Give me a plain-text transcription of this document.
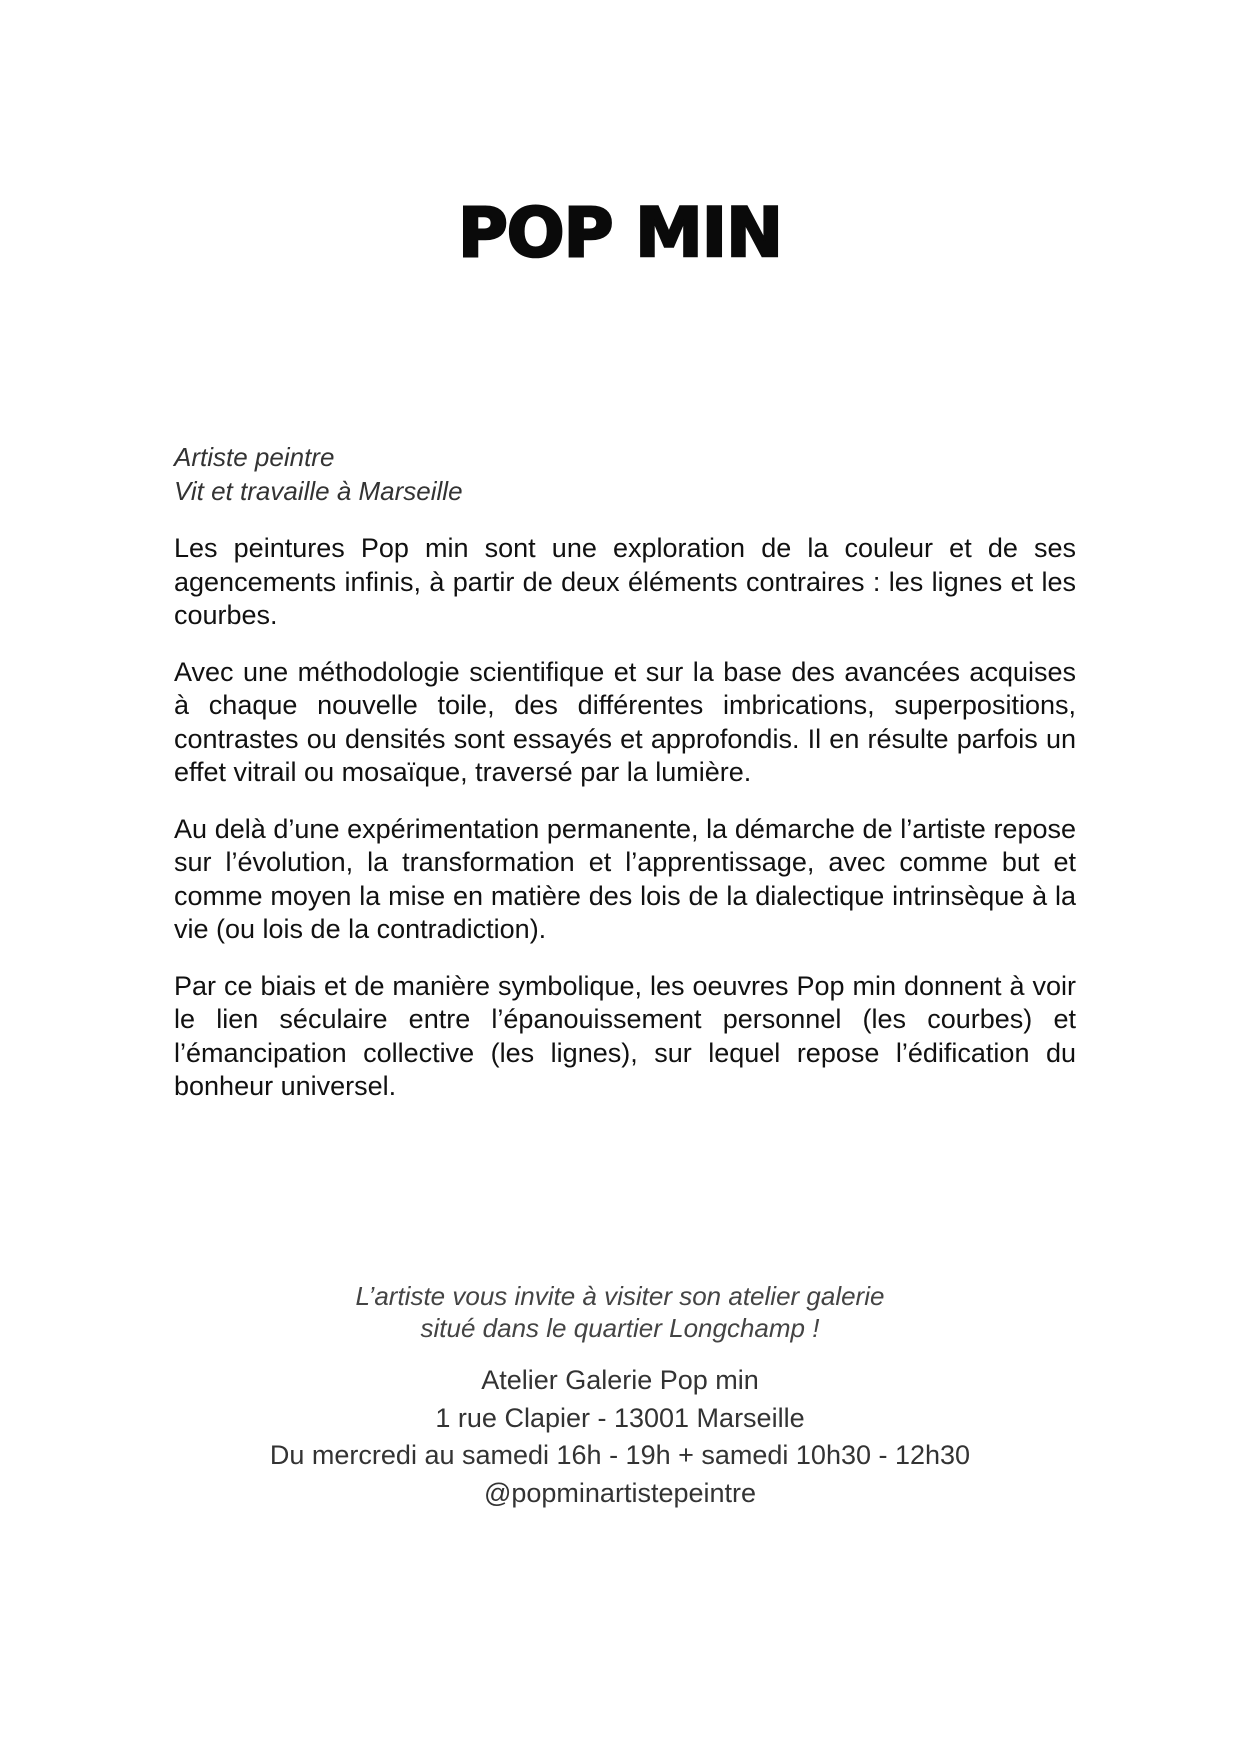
POP MIN
Artiste peintre
Vit et travaille à Marseille

Les peintures Pop min sont une exploration de la couleur et de ses agencements infinis, à partir de deux éléments contraires : les lignes et les courbes.

Avec une méthodologie scientifique et sur la base des avancées acquises à chaque nouvelle toile, des différentes imbrications, superpositions, contrastes ou densités sont essayés et approfondis. Il en résulte parfois un effet vitrail ou mosaïque, traversé par la lumière.

Au delà d’une expérimentation permanente, la démarche de l’artiste repose sur l’évolution, la transformation et l’apprentissage, avec comme but et comme moyen la mise en matière des lois de la dialectique intrinsèque à la vie (ou lois de la contradiction).

Par ce biais et de manière symbolique, les oeuvres Pop min donnent à voir le lien séculaire entre l’épanouissement personnel (les courbes) et l’émancipation collective (les lignes), sur lequel repose l’édification du bonheur universel.

L’artiste vous invite à visiter son atelier galerie
situé dans le quartier Longchamp !
Atelier Galerie Pop min
1 rue Clapier - 13001 Marseille
Du mercredi au samedi 16h - 19h + samedi 10h30 - 12h30
@popminartistepeintre
